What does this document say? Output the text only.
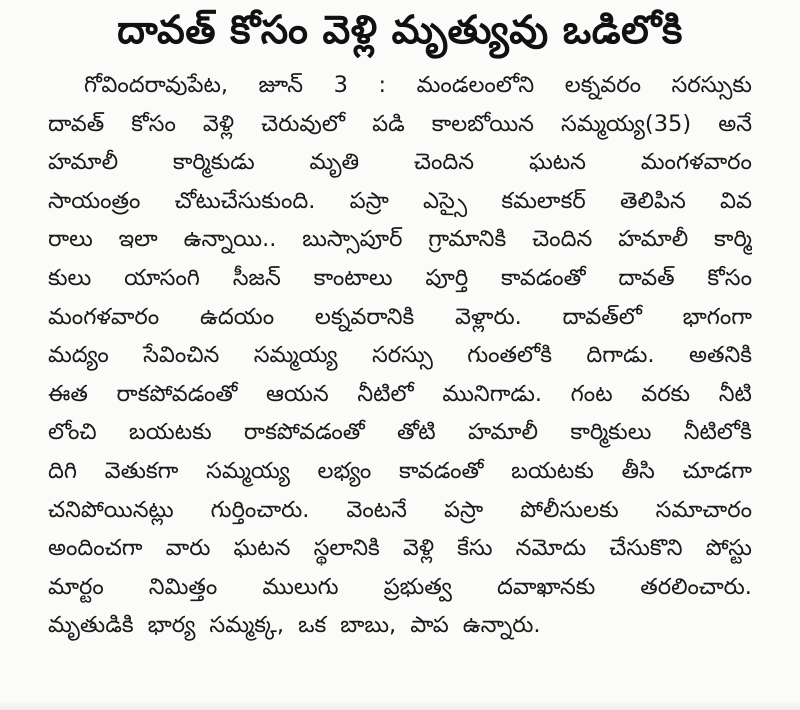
దావత్ కోసం వెళ్లి మృత్యువు ఒడిలోకి
గోవిందరావుపేట, జూన్ 3 : మండలంలోని లక్నవరం సరస్సుకు
దావత్ కోసం వెళ్లి చెరువులో పడి కాలబోయిన సమ్మయ్య(35) అనే
హమాలీ కార్మికుడు మృతి చెందిన ఘటన మంగళవారం
సాయంత్రం చోటుచేసుకుంది. పస్రా ఎస్సై కమలాకర్ తెలిపిన వివ
రాలు ఇలా ఉన్నాయి.. బుస్సాపూర్ గ్రామానికి చెందిన హమాలీ కార్మి
కులు యాసంగి సీజన్ కాంటాలు పూర్తి కావడంతో దావత్ కోసం
మంగళవారం ఉదయం లక్నవరానికి వెళ్లారు. దావత్‌లో భాగంగా
మద్యం సేవించిన సమ్మయ్య సరస్సు గుంతలోకి దిగాడు. అతనికి
ఈత రాకపోవడంతో ఆయన నీటిలో మునిగాడు. గంట వరకు నీటి
లోంచి బయటకు రాకపోవడంతో తోటి హమాలీ కార్మికులు నీటిలోకి
దిగి వెతుకగా సమ్మయ్య లభ్యం కావడంతో బయటకు తీసి చూడగా
చనిపోయినట్లు గుర్తించారు. వెంటనే పస్రా పోలీసులకు సమాచారం
అందించగా వారు ఘటన స్థలానికి వెళ్లి కేసు నమోదు చేసుకొని పోస్టు
మార్టం నిమిత్తం ములుగు ప్రభుత్వ దవాఖానకు తరలించారు.
మృతుడికి భార్య సమ్మక్క, ఒక బాబు, పాప ఉన్నారు.
